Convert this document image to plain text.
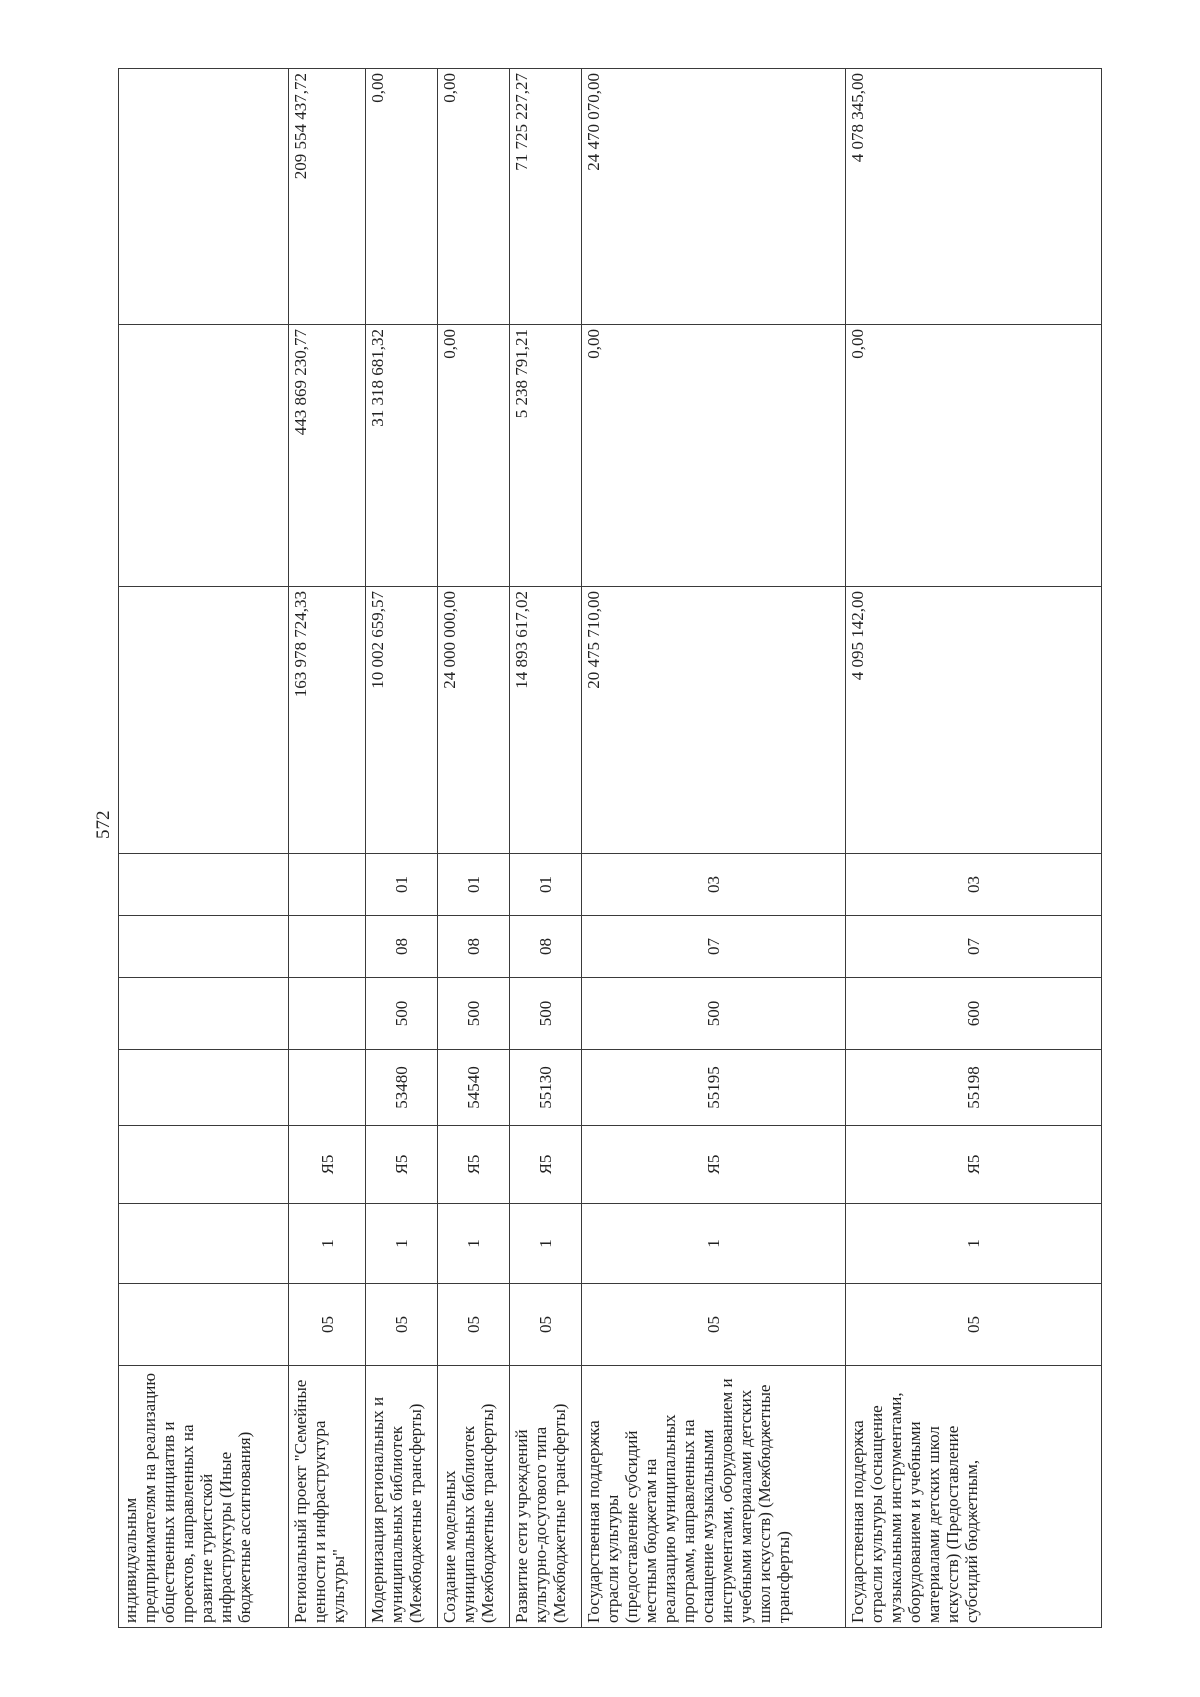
572
индивидуальным предпринимателям на реализацию общественных инициатив и проектов, направленных на развитие туристской инфраструктуры (Иные бюджетные ассигнования)										
Региональный проект "Семейные ценности и инфраструктура культуры"	05	1	Я5					163 978 724,33	443 869 230,77	209 554 437,72
Модернизация региональных и муниципальных библиотек (Межбюджетные трансферты)	05	1	Я5	53480	500	08	01	10 002 659,57	31 318 681,32	0,00
Создание модельных муниципальных библиотек (Межбюджетные трансферты)	05	1	Я5	54540	500	08	01	24 000 000,00	0,00	0,00
Развитие сети учреждений культурно-досугового типа (Межбюджетные трансферты)	05	1	Я5	55130	500	08	01	14 893 617,02	5 238 791,21	71 725 227,27
Государственная поддержка отрасли культуры (предоставление субсидий местным бюджетам на реализацию муниципальных программ, направленных на оснащение музыкальными инструментами, оборудованием и учебными материалами детских школ искусств) (Межбюджетные трансферты)	05	1	Я5	55195	500	07	03	20 475 710,00	0,00	24 470 070,00
Государственная поддержка отрасли культуры (оснащение музыкальными инструментами, оборудованием и учебными материалами детских школ искусств) (Предоставление субсидий бюджетным,	05	1	Я5	55198	600	07	03	4 095 142,00	0,00	4 078 345,00
